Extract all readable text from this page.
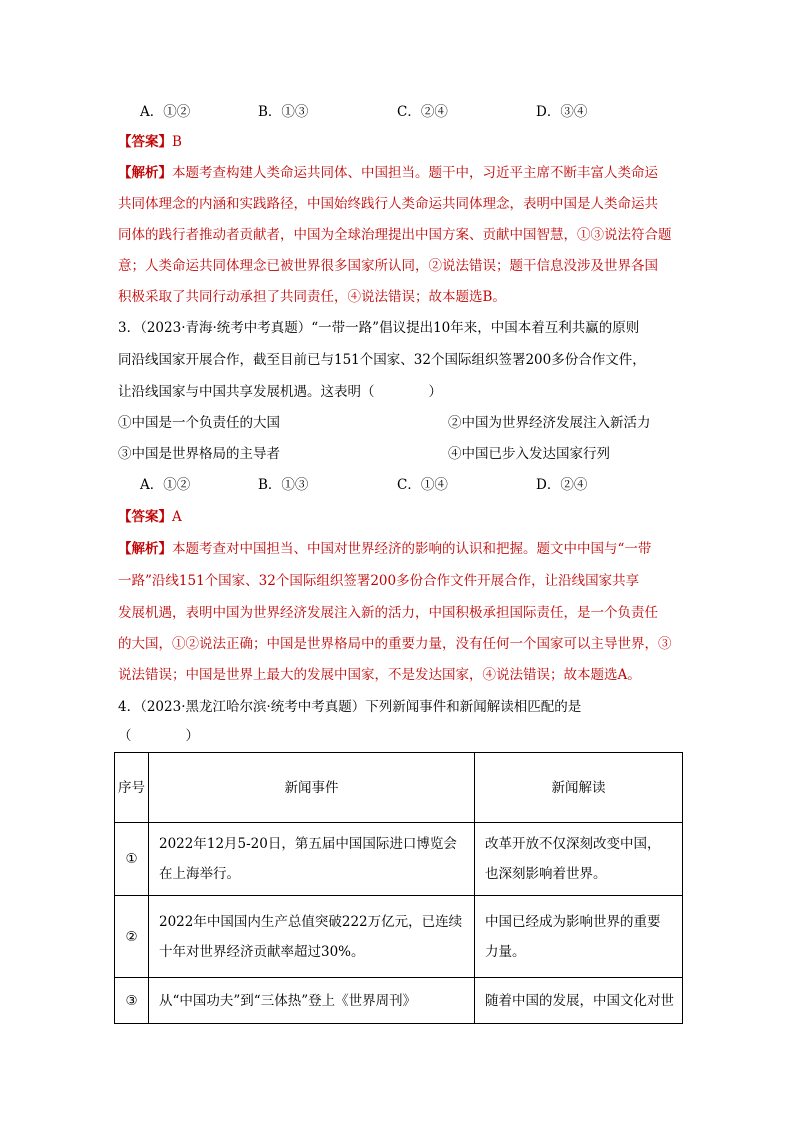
A．①②	B．①③	C．②④	D．③④
【答案】B
【解析】本题考查构建人类命运共同体、中国担当。题干中，习近平主席不断丰富人类命运
共同体理念的内涵和实践路径，中国始终践行人类命运共同体理念，表明中国是人类命运共
同体的践行者推动者贡献者，中国为全球治理提出中国方案、贡献中国智慧，①③说法符合题
意；人类命运共同体理念已被世界很多国家所认同，②说法错误；题干信息没涉及世界各国
积极采取了共同行动承担了共同责任，④说法错误；故本题选B。
3．（2023·青海·统考中考真题）“一带一路”倡议提出10年来，中国本着互利共赢的原则
同沿线国家开展合作，截至目前已与151个国家、32个国际组织签署200多份合作文件，
让沿线国家与中国共享发展机遇。这表明（　　　　）
①中国是一个负责任的大国	②中国为世界经济发展注入新活力
③中国是世界格局的主导者	④中国已步入发达国家行列
A．①②	B．①③	C．①④	D．②④
【答案】A
【解析】本题考查对中国担当、中国对世界经济的影响的认识和把握。题文中中国与“一带
一路”沿线151个国家、32个国际组织签署200多份合作文件开展合作，让沿线国家共享
发展机遇，表明中国为世界经济发展注入新的活力，中国积极承担国际责任，是一个负责任
的大国，①②说法正确；中国是世界格局中的重要力量，没有任何一个国家可以主导世界，③
说法错误；中国是世界上最大的发展中国家，不是发达国家，④说法错误；故本题选A。
4．（2023·黑龙江哈尔滨·统考中考真题）下列新闻事件和新闻解读相匹配的是
（　　　　）
序号	新闻事件	新闻解读
①	2022年12月5-20日，第五届中国国际进口博览会在上海举行。	改革开放不仅深刻改变中国，也深刻影响着世界。
②	2022年中国国内生产总值突破222万亿元，已连续十年对世界经济贡献率超过30%。	中国已经成为影响世界的重要力量。
③	从“中国功夫”到“三体热”登上《世界周刊》	随着中国的发展，中国文化对世
